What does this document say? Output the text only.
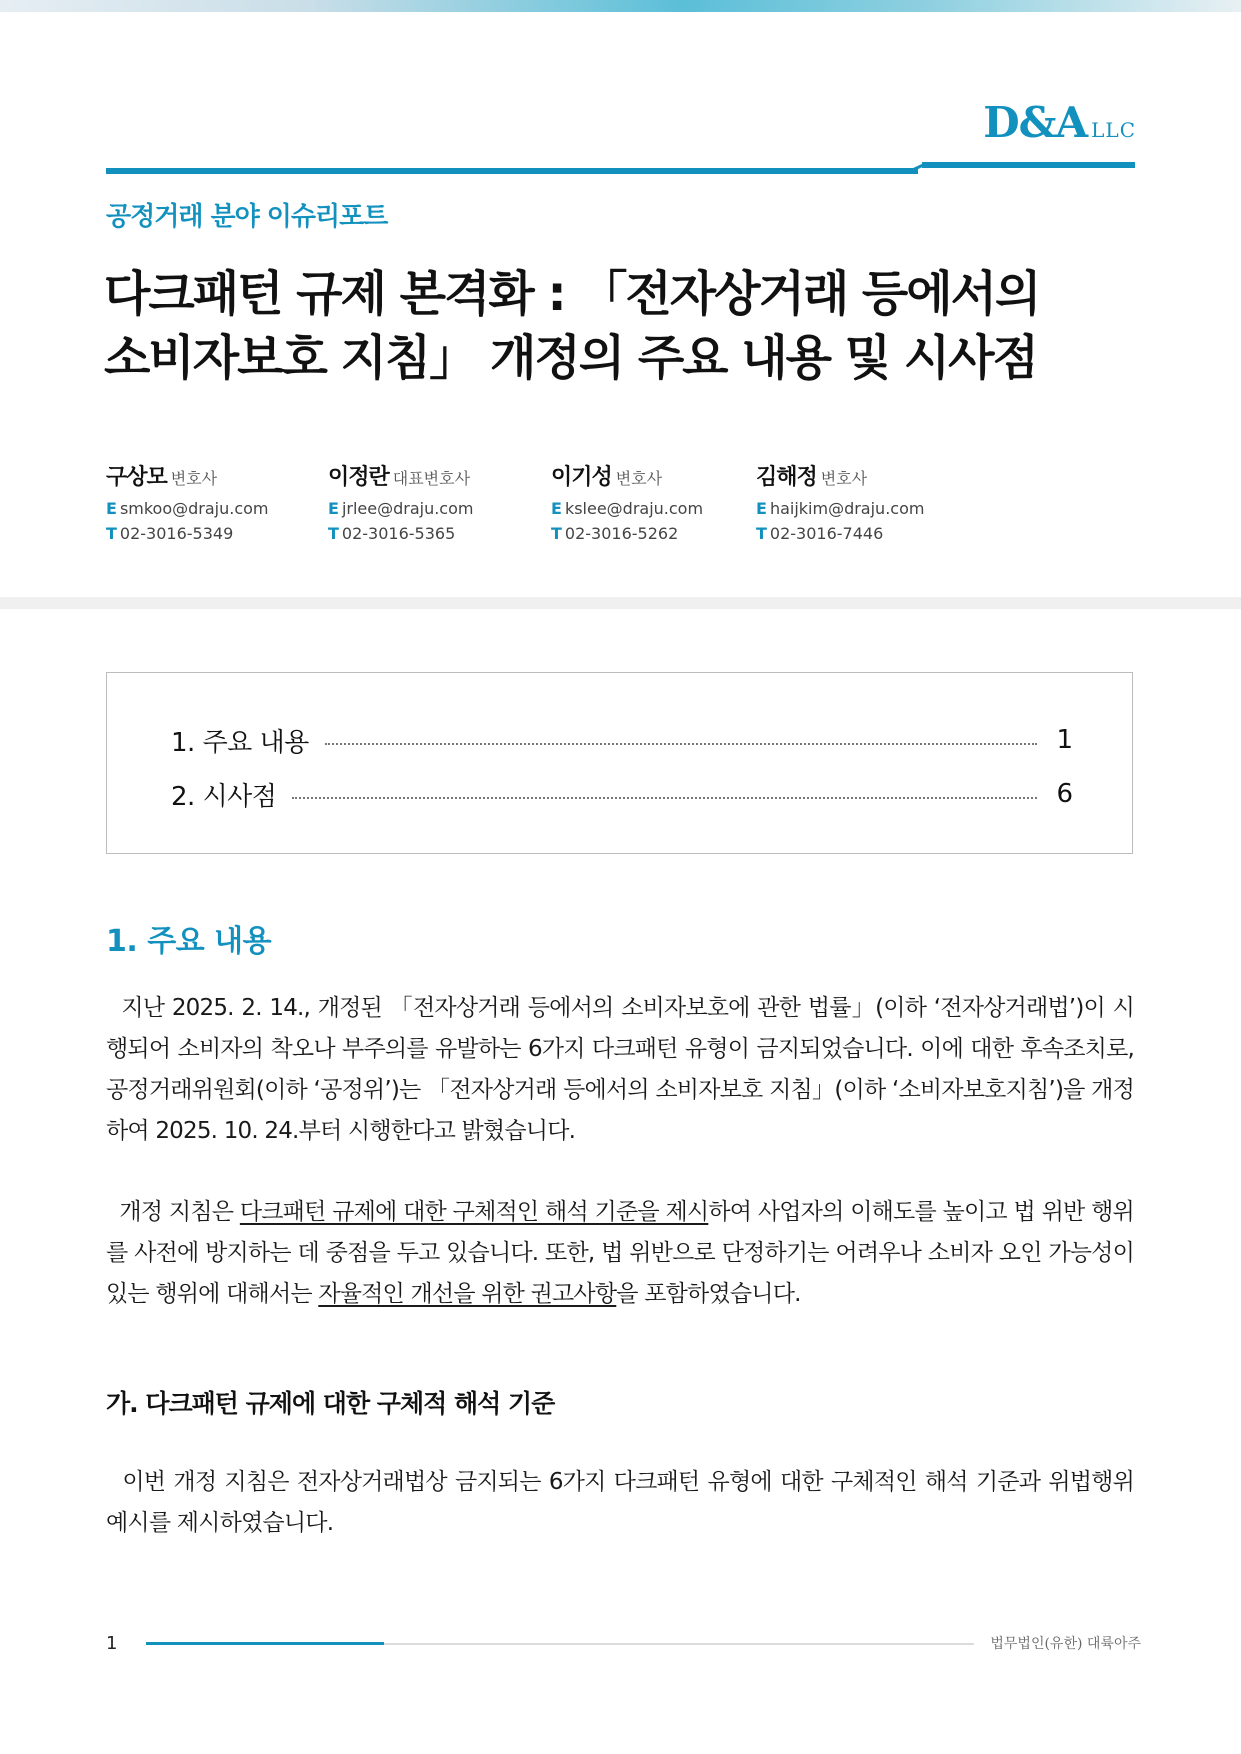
D&A LLC
공정거래 분야 이슈리포트
다크패턴 규제 본격화 : 「전자상거래 등에서의
소비자보호 지침」 개정의 주요 내용 및 시사점
구상모 변호사
E smkoo@draju.com
T 02-3016-5349
이정란 대표변호사
E jrlee@draju.com
T 02-3016-5365
이기성 변호사
E kslee@draju.com
T 02-3016-5262
김해정 변호사
E haijkim@draju.com
T 02-3016-7446
1. 주요 내용	1
2. 시사점	6
1. 주요 내용

지난 2025. 2. 14., 개정된 「전자상거래 등에서의 소비자보호에 관한 법률」(이하 ‘전자상거래법’)이 시행되어 소비자의 착오나 부주의를 유발하는 6가지 다크패턴 유형이 금지되었습니다. 이에 대한 후속조치로, 공정거래위원회(이하 ‘공정위’)는 「전자상거래 등에서의 소비자보호 지침」(이하 ‘소비자보호지침’)을 개정하여 2025. 10. 24.부터 시행한다고 밝혔습니다.

개정 지침은 다크패턴 규제에 대한 구체적인 해석 기준을 제시하여 사업자의 이해도를 높이고 법 위반 행위를 사전에 방지하는 데 중점을 두고 있습니다. 또한, 법 위반으로 단정하기는 어려우나 소비자 오인 가능성이 있는 행위에 대해서는 자율적인 개선을 위한 권고사항을 포함하였습니다.

가. 다크패턴 규제에 대한 구체적 해석 기준

이번 개정 지침은 전자상거래법상 금지되는 6가지 다크패턴 유형에 대한 구체적인 해석 기준과 위법행위 예시를 제시하였습니다.

1	법무법인(유한) 대륙아주
